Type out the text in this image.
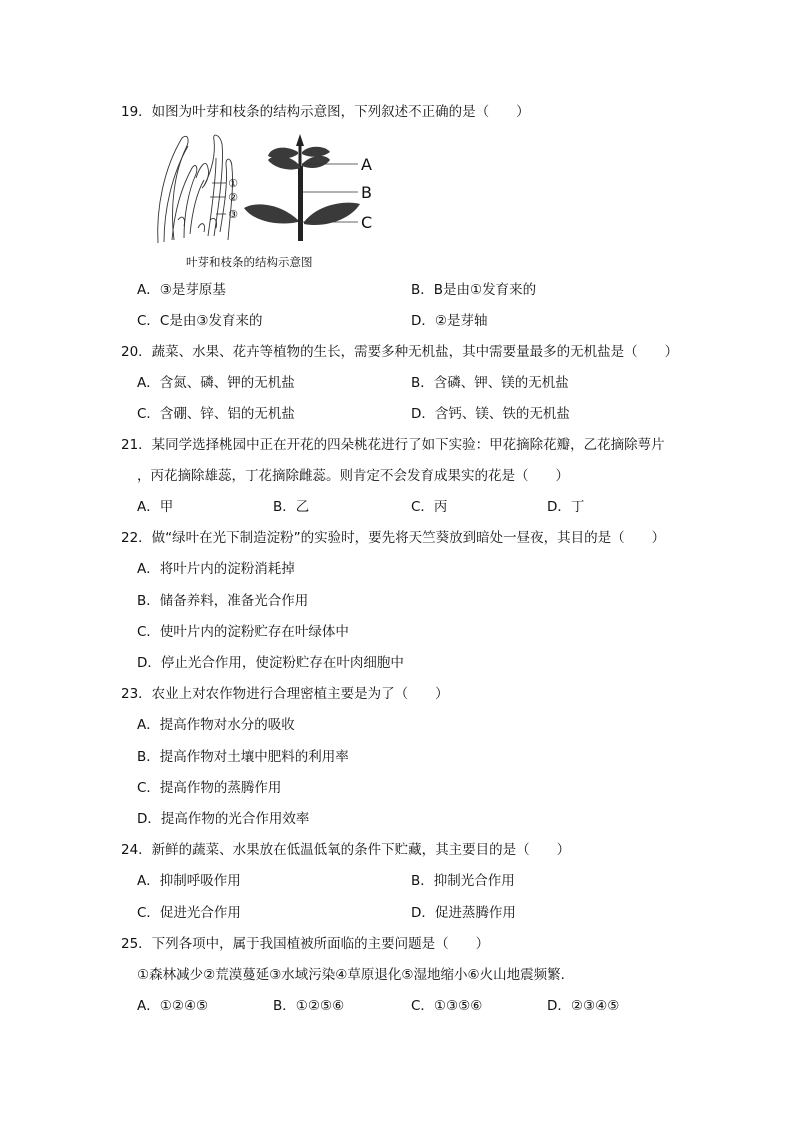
19．如图为叶芽和枝条的结构示意图，下列叙述不正确的是（　　）
①
②
③
A
B
C
叶芽和枝条的结构示意图
A．③是芽原基	B．B是由①发育来的
C．C是由③发育来的	D．②是芽轴
20．蔬菜、水果、花卉等植物的生长，需要多种无机盐，其中需要量最多的无机盐是（　　）
A．含氮、磷、钾的无机盐	B．含磷、钾、镁的无机盐
C．含硼、锌、铝的无机盐	D．含钙、镁、铁的无机盐
21．某同学选择桃园中正在开花的四朵桃花进行了如下实验：甲花摘除花瓣，乙花摘除萼片
，丙花摘除雄蕊，丁花摘除雌蕊。则肯定不会发育成果实的花是（　　）
A．甲	B．乙	C．丙	D．丁
22．做“绿叶在光下制造淀粉”的实验时，要先将天竺葵放到暗处一昼夜，其目的是（　　）
A．将叶片内的淀粉消耗掉
B．储备养料，准备光合作用
C．使叶片内的淀粉贮存在叶绿体中
D．停止光合作用，使淀粉贮存在叶肉细胞中
23．农业上对农作物进行合理密植主要是为了（　　）
A．提高作物对水分的吸收
B．提高作物对土壤中肥料的利用率
C．提高作物的蒸腾作用
D．提高作物的光合作用效率
24．新鲜的蔬菜、水果放在低温低氧的条件下贮藏，其主要目的是（　　）
A．抑制呼吸作用	B．抑制光合作用
C．促进光合作用	D．促进蒸腾作用
25．下列各项中，属于我国植被所面临的主要问题是（　　）
①森林减少②荒漠蔓延③水域污染④草原退化⑤湿地缩小⑥火山地震频繁．
A．①②④⑤	B．①②⑤⑥	C．①③⑤⑥	D．②③④⑤
